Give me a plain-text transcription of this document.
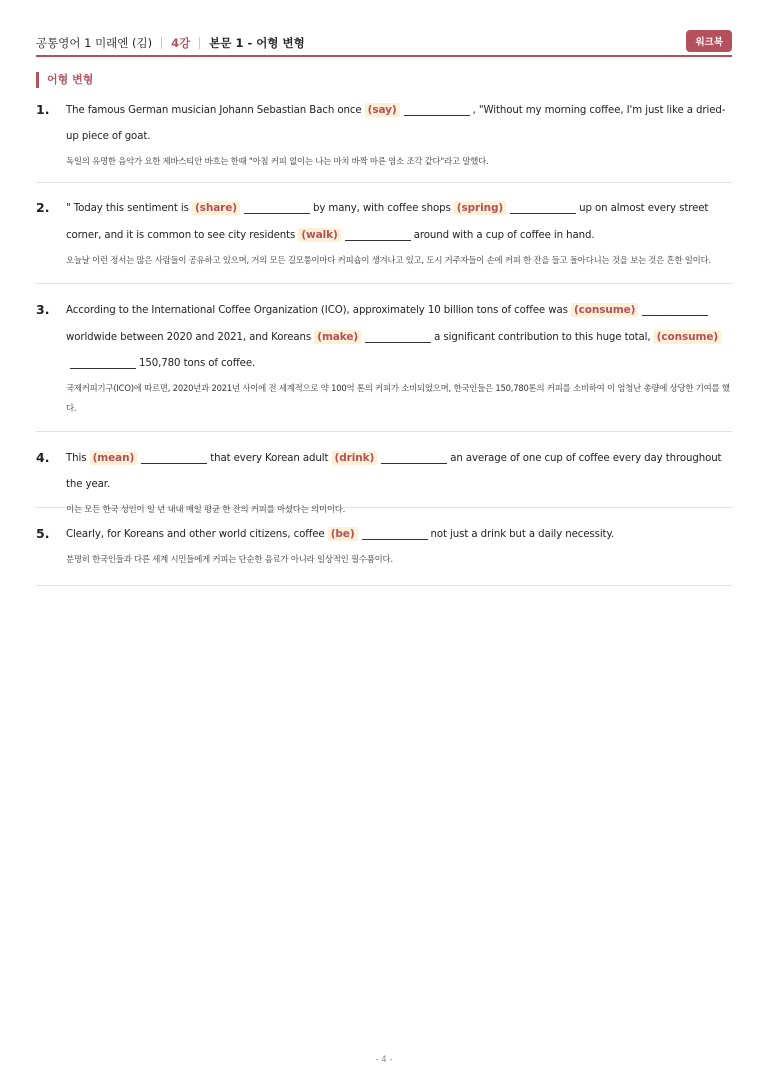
공통영어 1 미래엔 (김) 4강 본문 1 - 어형 변형	워크북
어형 변형
1. The famous German musician Johann Sebastian Bach once (say)	, "Without my morning coffee, I'm just like a dried-up piece of goat.
독일의 유명한 음악가 요한 제바스티안 바흐는 한때 "아침 커피 없이는 나는 마치 바짝 마른 염소 조각 같다"라고 말했다.
2. " Today this sentiment is (share)	by many, with coffee shops (spring)	up on almost every street corner, and it is common to see city residents (walk)	around with a cup of coffee in hand.
오늘날 이런 정서는 많은 사람들이 공유하고 있으며, 거의 모든 길모퉁이마다 커피숍이 생겨나고 있고, 도시 거주자들이 손에 커피 한 잔을 들고 돌아다니는 것을 보는 것은 흔한 일이다.
3. According to the International Coffee Organization (ICO), approximately 10 billion tons of coffee was (consume)worldwide between 2020 and 2021, and Koreans (make)	a significant contribution to this huge total, (consume)150,780 tons of coffee.
국제커피기구(ICO)에 따르면, 2020년과 2021년 사이에 전 세계적으로 약 100억 톤의 커피가 소비되었으며, 한국인들은 150,780톤의 커피를 소비하여 이 엄청난 총량에 상당한 기여를 했다.
4. This (mean)	that every Korean adult (drink)	an average of one cup of coffee every day throughout the year.
이는 모든 한국 성인이 일 년 내내 매일 평균 한 잔의 커피를 마셨다는 의미이다.
5. Clearly, for Koreans and other world citizens, coffee (be)	not just a drink but a daily necessity.
분명히 한국인들과 다른 세계 시민들에게 커피는 단순한 음료가 아니라 일상적인 필수품이다.
- 4 -
